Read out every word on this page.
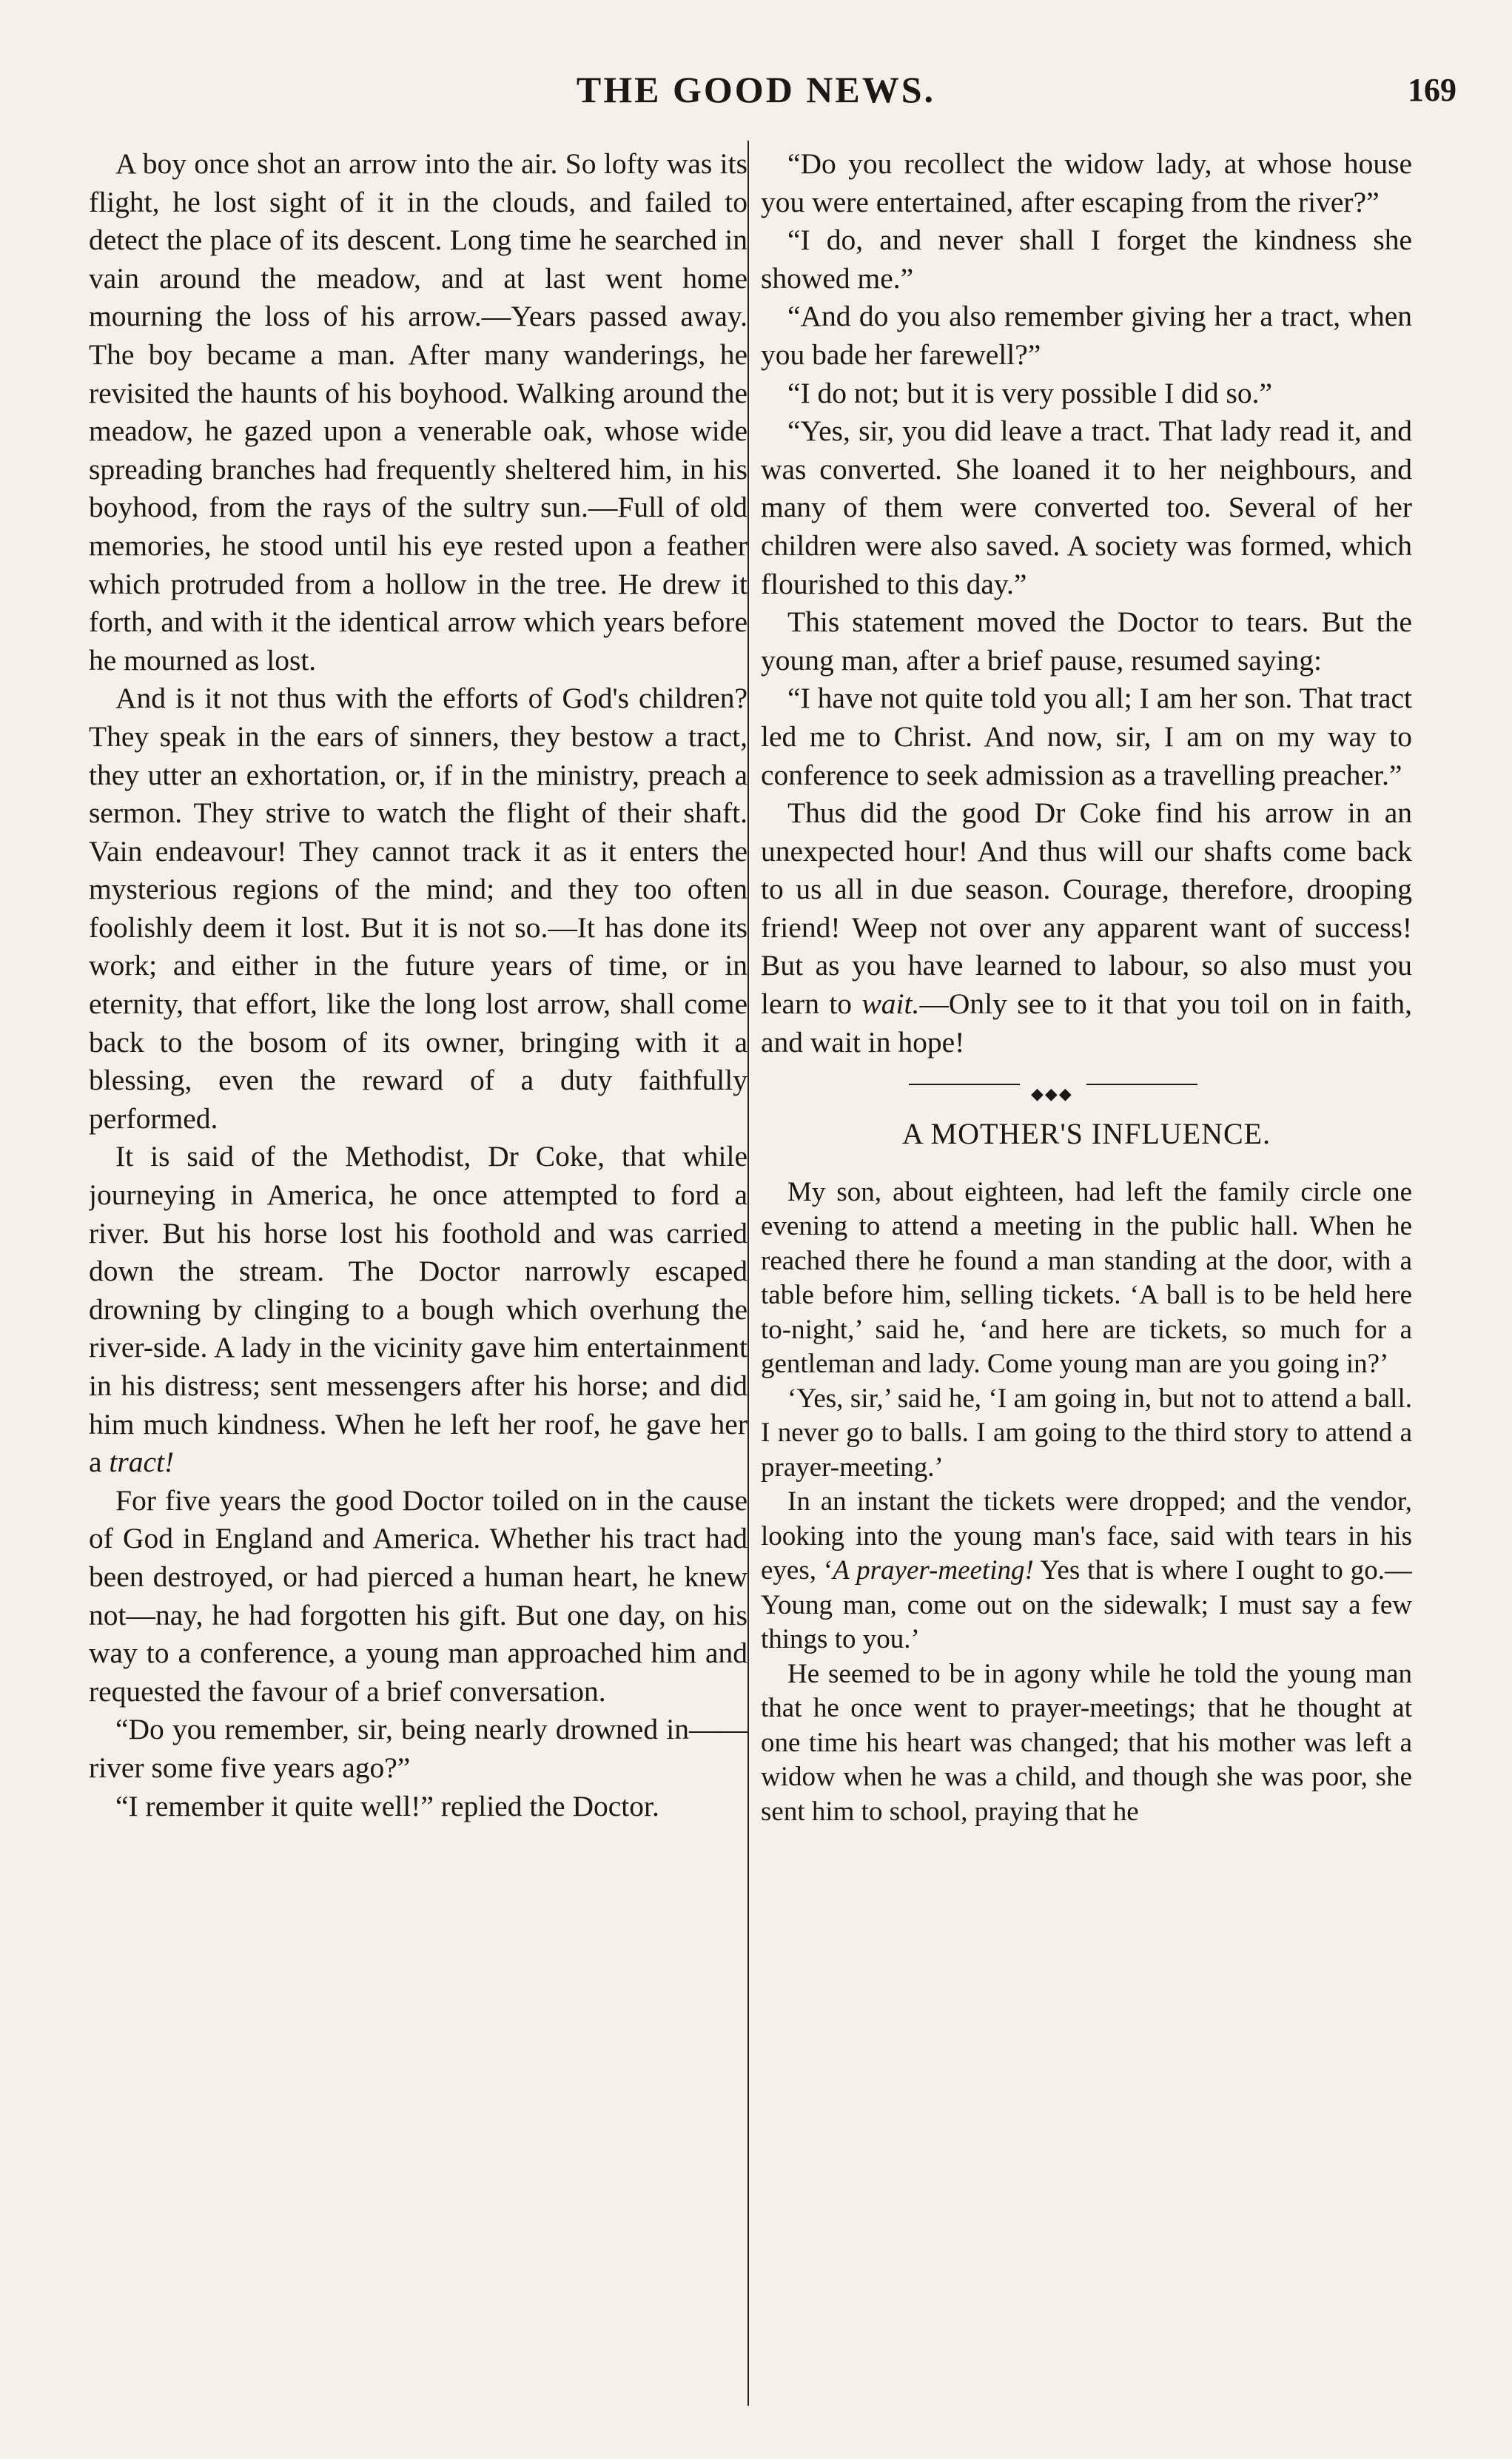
THE GOOD NEWS.	169

A boy once shot an arrow into the air. So lofty was its flight, he lost sight of it in the clouds, and failed to detect the place of its descent. Long time he searched in vain around the meadow, and at last went home mourning the loss of his arrow.—Years passed away. The boy became a man. After many wanderings, he revisited the haunts of his boyhood. Walking around the meadow, he gazed upon a venerable oak, whose wide spreading branches had frequently sheltered him, in his boyhood, from the rays of the sultry sun.—Full of old memories, he stood until his eye rested upon a feather which protruded from a hollow in the tree. He drew it forth, and with it the identical arrow which years before he mourned as lost.

And is it not thus with the efforts of God's children? They speak in the ears of sinners, they bestow a tract, they utter an exhortation, or, if in the ministry, preach a sermon. They strive to watch the flight of their shaft. Vain endeavour! They cannot track it as it enters the mysterious regions of the mind; and they too often foolishly deem it lost. But it is not so.—It has done its work; and either in the future years of time, or in eternity, that effort, like the long lost arrow, shall come back to the bosom of its owner, bringing with it a blessing, even the reward of a duty faithfully performed.

It is said of the Methodist, Dr Coke, that while journeying in America, he once attempted to ford a river. But his horse lost his foothold and was carried down the stream. The Doctor narrowly escaped drowning by clinging to a bough which overhung the river-side. A lady in the vicinity gave him entertainment in his distress; sent messengers after his horse; and did him much kindness. When he left her roof, he gave her a tract!

For five years the good Doctor toiled on in the cause of God in England and America. Whether his tract had been destroyed, or had pierced a human heart, he knew not—nay, he had forgotten his gift. But one day, on his way to a conference, a young man approached him and requested the favour of a brief conversation.

“Do you remember, sir, being nearly drowned in——river some five years ago?”

“I remember it quite well!” replied the Doctor.

“Do you recollect the widow lady, at whose house you were entertained, after escaping from the river?”

“I do, and never shall I forget the kindness she showed me.”

“And do you also remember giving her a tract, when you bade her farewell?”

“I do not; but it is very possible I did so.”

“Yes, sir, you did leave a tract. That lady read it, and was converted. She loaned it to her neighbours, and many of them were converted too. Several of her children were also saved. A society was formed, which flourished to this day.”

This statement moved the Doctor to tears. But the young man, after a brief pause, resumed saying:

“I have not quite told you all; I am her son. That tract led me to Christ. And now, sir, I am on my way to conference to seek admission as a travelling preacher.”

Thus did the good Dr Coke find his arrow in an unexpected hour! And thus will our shafts come back to us all in due season. Courage, therefore, drooping friend! Weep not over any apparent want of success! But as you have learned to labour, so also must you learn to wait.—Only see to it that you toil on in faith, and wait in hope!

◆◆◆
A MOTHER'S INFLUENCE.

My son, about eighteen, had left the family circle one evening to attend a meeting in the public hall. When he reached there he found a man standing at the door, with a table before him, selling tickets. ‘A ball is to be held here to-night,’ said he, ‘and here are tickets, so much for a gentleman and lady. Come young man are you going in?’

‘Yes, sir,’ said he, ‘I am going in, but not to attend a ball. I never go to balls. I am going to the third story to attend a prayer-meeting.’

In an instant the tickets were dropped; and the vendor, looking into the young man's face, said with tears in his eyes, ‘A prayer-meeting! Yes that is where I ought to go.—Young man, come out on the sidewalk; I must say a few things to you.’

He seemed to be in agony while he told the young man that he once went to prayer-meetings; that he thought at one time his heart was changed; that his mother was left a widow when he was a child, and though she was poor, she sent him to school, praying that he
